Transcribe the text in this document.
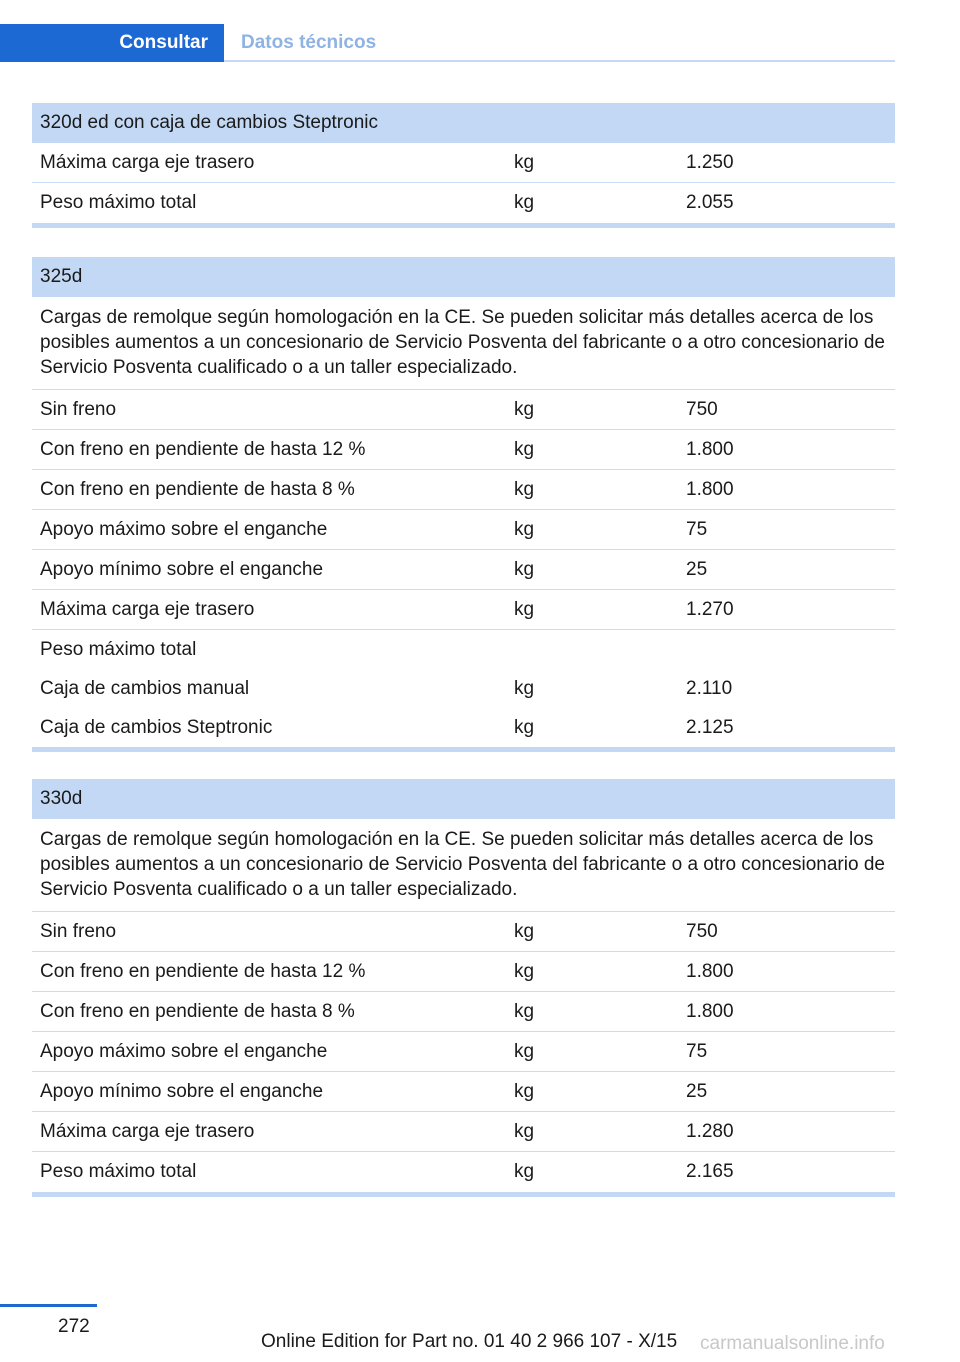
Consultar	Datos técnicos
320d ed con caja de cambios Steptronic
Máxima carga eje trasero	kg	1.250
Peso máximo total	kg	2.055
325d
Cargas de remolque según homologación en la CE. Se pueden solicitar más detalles acerca de los posibles aumentos a un concesionario de Servicio Posventa del fabricante o a otro concesionario de Servicio Posventa cualificado o a un taller especializado.
Sin freno	kg	750
Con freno en pendiente de hasta 12 %	kg	1.800
Con freno en pendiente de hasta 8 %	kg	1.800
Apoyo máximo sobre el enganche	kg	75
Apoyo mínimo sobre el enganche	kg	25
Máxima carga eje trasero	kg	1.270
Peso máximo total
Caja de cambios manual	kg	2.110
Caja de cambios Steptronic	kg	2.125
330d
Cargas de remolque según homologación en la CE. Se pueden solicitar más detalles acerca de los posibles aumentos a un concesionario de Servicio Posventa del fabricante o a otro concesionario de Servicio Posventa cualificado o a un taller especializado.
Sin freno	kg	750
Con freno en pendiente de hasta 12 %	kg	1.800
Con freno en pendiente de hasta 8 %	kg	1.800
Apoyo máximo sobre el enganche	kg	75
Apoyo mínimo sobre el enganche	kg	25
Máxima carga eje trasero	kg	1.280
Peso máximo total	kg	2.165
272
Online Edition for Part no. 01 40 2 966 107 - X/15 carmanualsonline.info
